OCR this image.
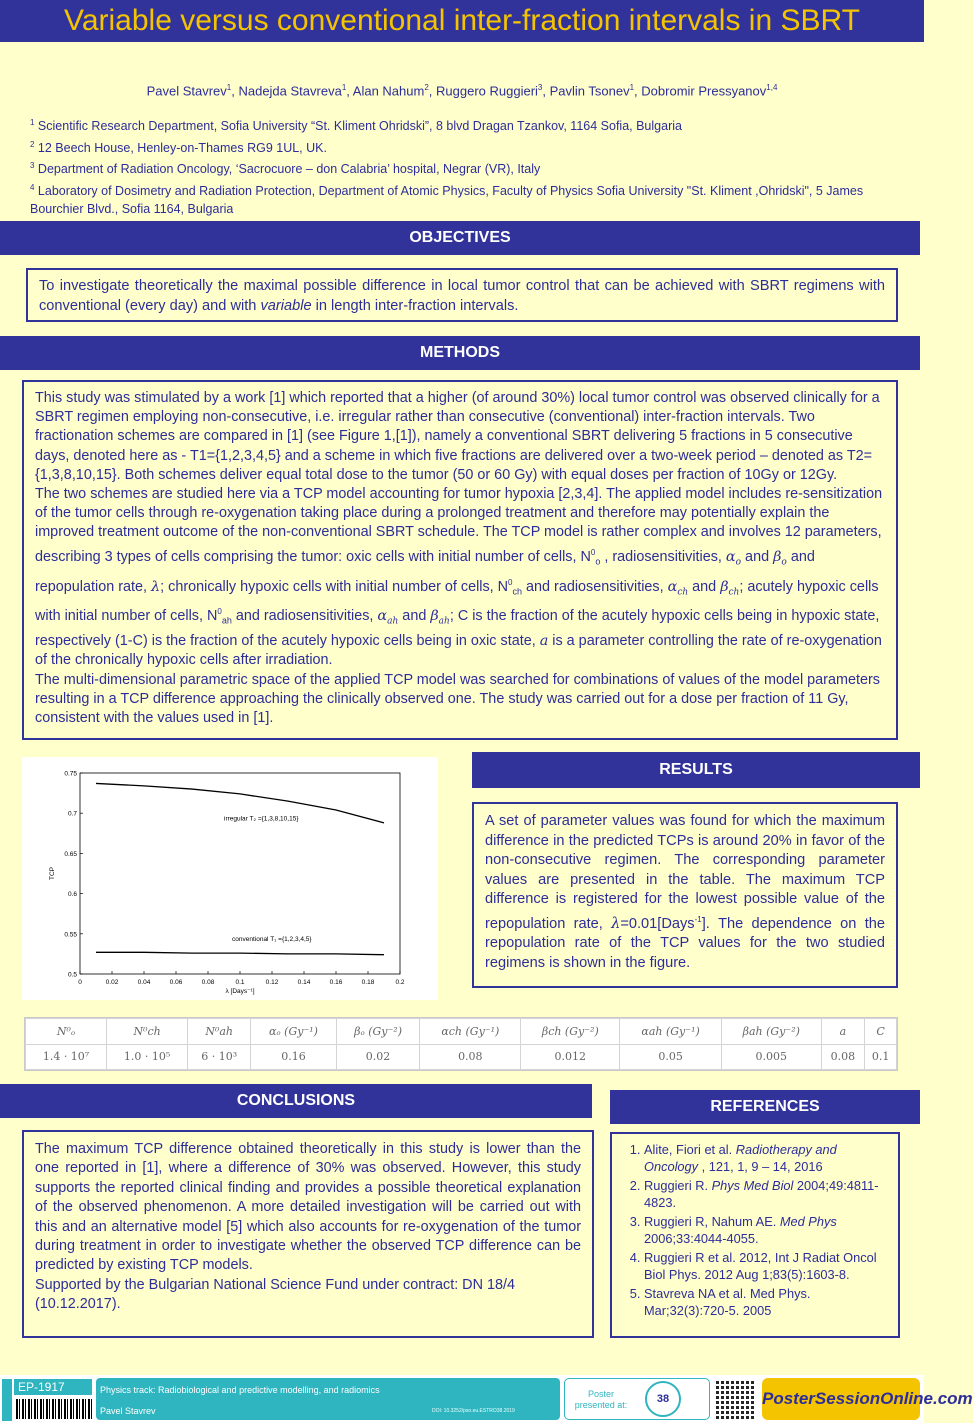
Variable versus conventional inter-fraction intervals in SBRT
Pavel Stavrev$^1$, Nadejda Stavreva$^1$, Alan Nahum$^2$, Ruggero Ruggieri$^3$, Pavlin Tsonev$^1$, Dobromir Pressyanov$^{1,4}$
$^1$ Scientific Research Department, Sofia University “St. Kliment Ohridski”, 8 blvd Dragan Tzankov, 1164 Sofia, Bulgaria
$^2$ 12 Beech House, Henley-on-Thames RG9 1UL, UK.
$^3$ Department of Radiation Oncology, ‘Sacrocuore – don Calabria’ hospital, Negrar (VR), Italy
$^4$ Laboratory of Dosimetry and Radiation Protection, Department of Atomic Physics, Faculty of Physics Sofia University "St. Kliment ,Ohridski", 5 James Bourchier Blvd., Sofia 1164, Bulgaria
OBJECTIVES
To investigate theoretically the maximal possible difference in local tumor control that can be achieved with SBRT regimens with conventional (every day) and with variable in length inter-fraction intervals.
METHODS

This study was stimulated by a work [1] which reported that a higher (of around 30%) local tumor control was observed clinically for a SBRT regimen employing non-consecutive, i.e. irregular rather than consecutive (conventional) inter-fraction intervals. Two fractionation schemes are compared in [1] (see Figure 1,[1]), namely a conventional SBRT delivering 5 fractions in 5 consecutive days, denoted here as - T1={1,2,3,4,5} and a scheme in which five fractions are delivered over a two-week period – denoted as T2={1,3,8,10,15}. Both schemes deliver equal total dose to the tumor (50 or 60 Gy) with equal doses per fraction of 10Gy or 12Gy.

The two schemes are studied here via a TCP model accounting for tumor hypoxia [2,3,4]. The applied model includes re-sensitization of the tumor cells through re-oxygenation taking place during a prolonged treatment and therefore may potentially explain the improved treatment outcome of the non-conventional SBRT schedule. The TCP model is rather complex and involves 12 parameters, describing 3 types of cells comprising the tumor: oxic cells with initial number of cells, $N^0_o$ , radiosensitivities, $\alpha_o$ and $\beta_o$ and repopulation rate, λ; chronically hypoxic cells with initial number of cells, $N^0_{ch}$ and radiosensitivities, $\alpha_{ch}$ and $\beta_{ch}$; acutely hypoxic cells with initial number of cells, $N^0_{ah}$ and radiosensitivities, $\alpha_{ah}$ and $\beta_{ah}$; C is the fraction of the acutely hypoxic cells being in hypoxic state, respectively (1-C) is the fraction of the acutely hypoxic cells being in oxic state, a is a parameter controlling the rate of re-oxygenation of the chronically hypoxic cells after irradiation.

The multi-dimensional parametric space of the applied TCP model was searched for combinations of values of the model parameters resulting in a TCP difference approaching the clinically observed one. The study was carried out for a dose per fraction of 11 Gy, consistent with the values used in [1].

0	0.02	0.04	0.06	0.08	0.1	0.12	0.14	0.16	0.18	0.2
0.5
0.55
0.6
0.65
0.7
0.75
λ [Days⁻¹]
TCP
irregular T₂ ={1,3,8,10,15}
conventional T₁ ={1,2,3,4,5}
RESULTS
A set of parameter values was found for which the maximum difference in the predicted TCPs is around 20% in favor of the non-consecutive regimen. The corresponding parameter values are presented in the table. The maximum TCP difference is registered for the lowest possible value of the repopulation rate, λ=0.01[Days$^{-1}$]. The dependence on the repopulation rate of the TCP values for the two studied regimens is shown in the figure.
N⁰ₒ	N⁰ch	N⁰ah	αₒ (Gy⁻¹)	βₒ (Gy⁻²)	αch (Gy⁻¹)	βch (Gy⁻²)	αah (Gy⁻¹)	βah (Gy⁻²)	a	C
1.4 · 10⁷	1.0 · 10⁵	6 · 10³	0.16	0.02	0.08	0.012	0.05	0.005	0.08	0.1
CONCLUSIONS

The maximum TCP difference obtained theoretically in this study is lower than the one reported in [1], where a difference of 30% was observed. However, this study supports the reported clinical finding and provides a possible theoretical explanation of the observed phenomenon. A more detailed investigation will be carried out with this and an alternative model [5] which also accounts for re-oxygenation of the tumor during treatment in order to investigate whether the observed TCP difference can be predicted by existing TCP models.

Supported by the Bulgarian National Science Fund under contract: DN 18/4 (10.12.2017).

REFERENCES
1. Alite, Fiori et al. Radiotherapy and Oncology , 121, 1, 9 – 14, 2016
2. Ruggieri R. Phys Med Biol 2004;49:4811-4823.
3. Ruggieri R, Nahum AE. Med Phys 2006;33:4044-4055.
4. Ruggieri R et al. 2012, Int J Radiat Oncol Biol Phys. 2012 Aug 1;83(5):1603-8.
5. Stavreva NA et al. Med Phys. Mar;32(3):720-5. 2005
EP-1917	Physics track: Radiobiological and predictive modelling, and radiomics
Pavel Stavrev	DOI: 10.3252/pso.eu.ESTRO38.2019
Poster presented at:	38	PosterSessionOnline.com
